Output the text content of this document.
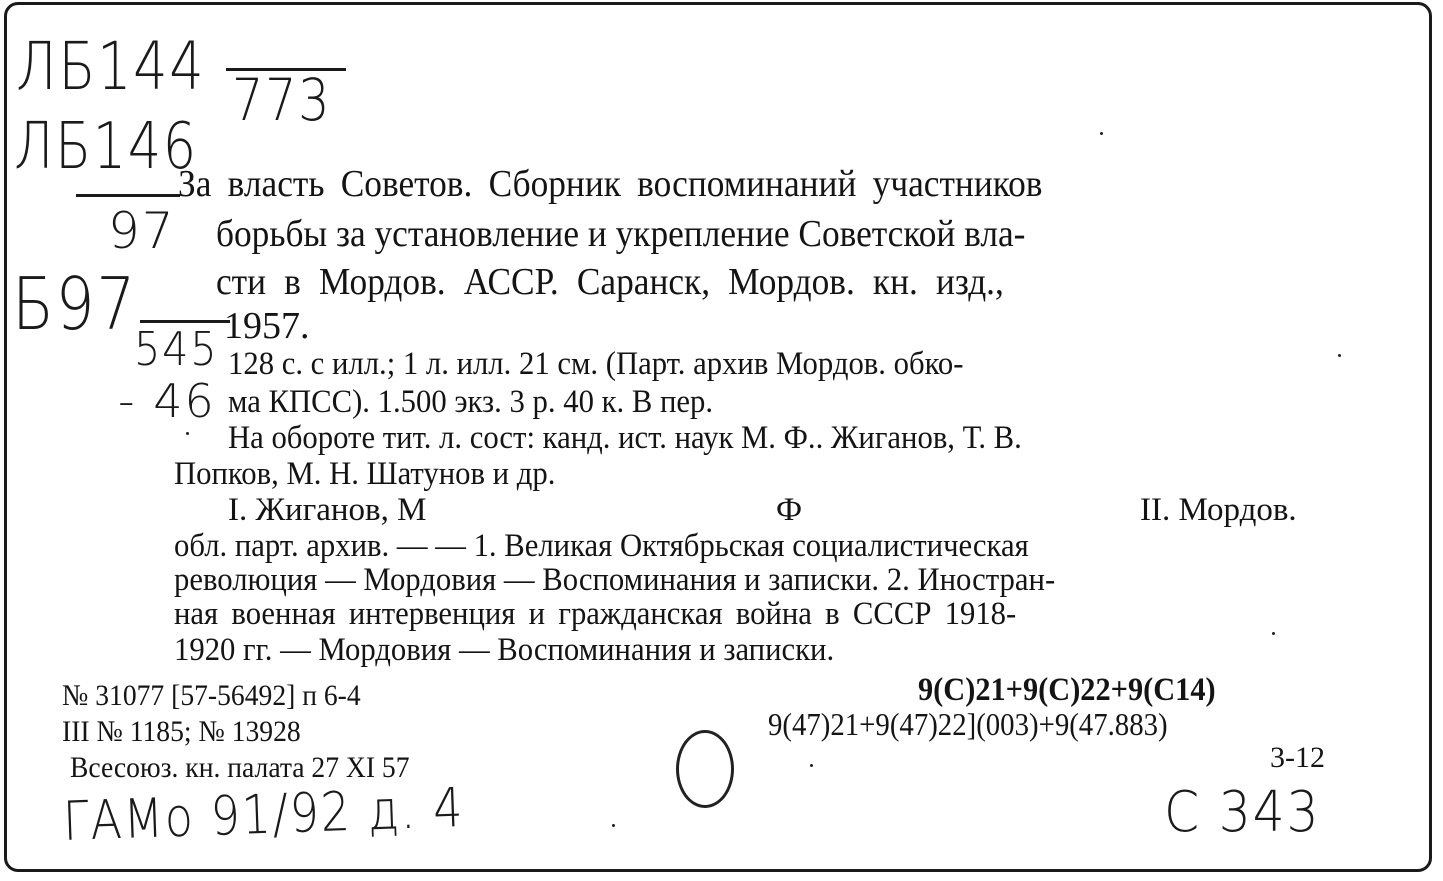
ЛБ144 773
ЛБ146
97
Б97
545
- 46
За власть Советов. Сборник воспоминаний участников
борьбы за установление и укрепление Советской вла-
сти в Мордов. АССР. Саранск, Мордов. кн. изд.,
1957.
128 с. с илл.; 1 л. илл. 21 см. (Парт. архив Мордов. обко-
ма КПСС). 1.500 экз. 3 р. 40 к. В пер.
На обороте тит. л. сост: канд. ист. наук М. Ф.. Жиганов, Т. В.
Попков, М. Н. Шатунов и др.
I. Жиганов, М	Ф	II. Мордов.
обл. парт. архив. — — 1. Великая Октябрьская социалистическая
революция — Мордовия — Воспоминания и записки. 2. Иностран-
ная военная интервенция и гражданская война в СССР 1918-
1920 гг. — Мордовия — Воспоминания и записки.
№ 31077 [57-56492] п 6-4
III № 1185; № 13928
Всесоюз. кн. палата 27 XI 57
9(С)21+9(С)22+9(С14)
9(47)21+9(47)22](003)+9(47.883)
3-12
ГАМо 91/92 д. 4	С 343
